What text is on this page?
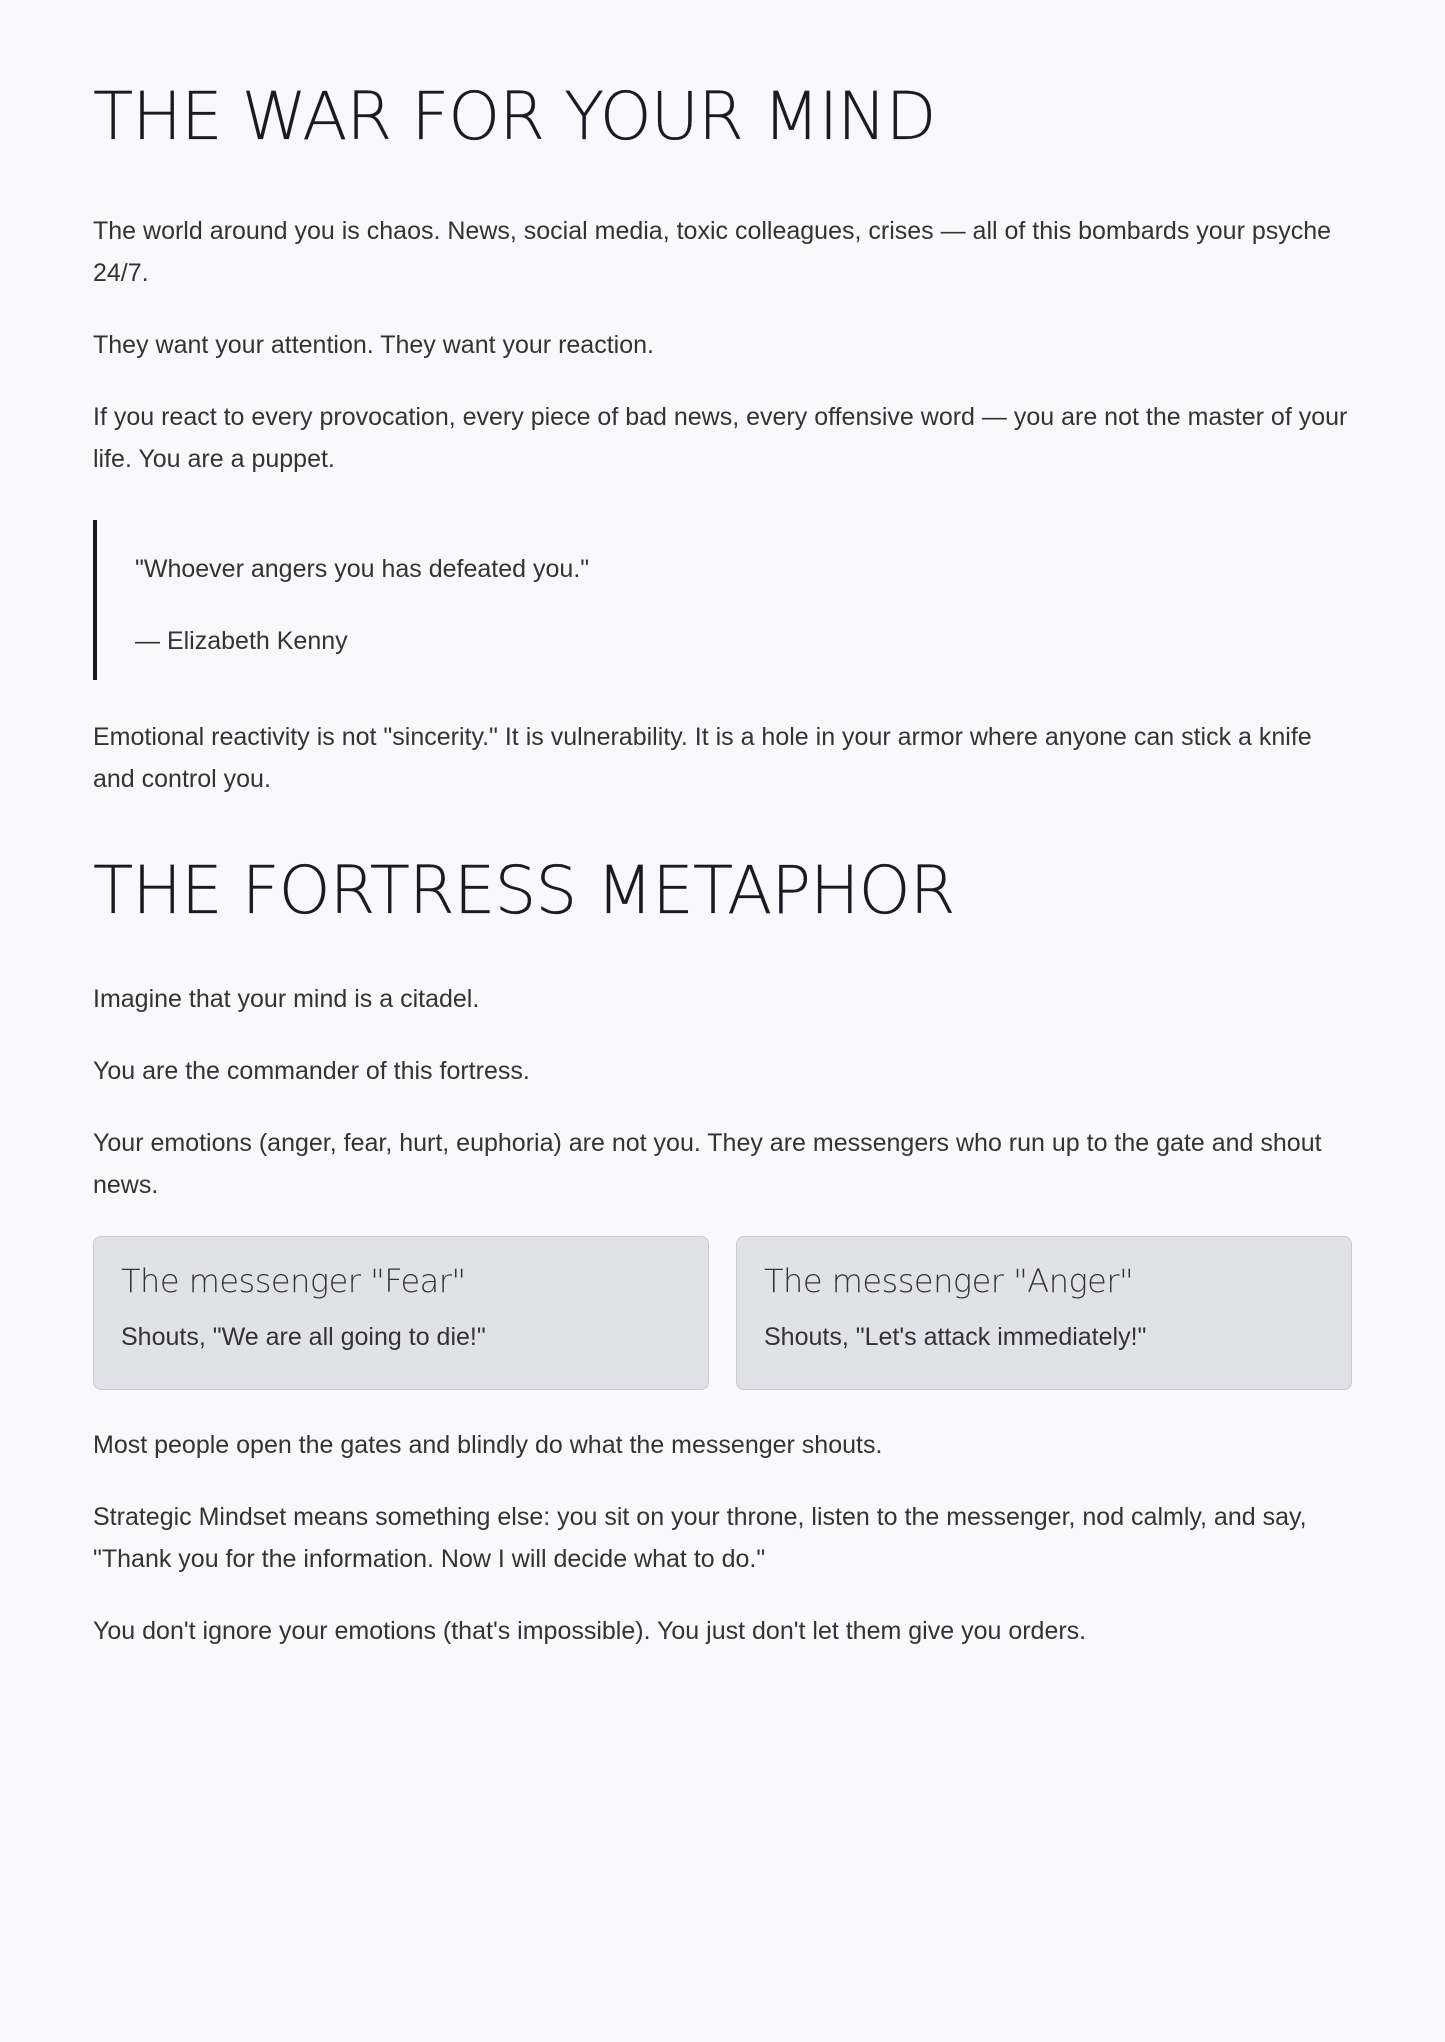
THE WAR FOR YOUR MIND

The world around you is chaos. News, social media, toxic colleagues, crises — all of this bombards your psyche 24/7.

They want your attention. They want your reaction.

If you react to every provocation, every piece of bad news, every offensive word — you are not the master of your life. You are a puppet.

"Whoever angers you has defeated you."

— Elizabeth Kenny

Emotional reactivity is not "sincerity." It is vulnerability. It is a hole in your armor where anyone can stick a knife and control you.

THE FORTRESS METAPHOR

Imagine that your mind is a citadel.

You are the commander of this fortress.

Your emotions (anger, fear, hurt, euphoria) are not you. They are messengers who run up to the gate and shout news.

The messenger "Fear"

Shouts, "We are all going to die!"

The messenger "Anger"

Shouts, "Let's attack immediately!"

Most people open the gates and blindly do what the messenger shouts.

Strategic Mindset means something else: you sit on your throne, listen to the messenger, nod calmly, and say, "Thank you for the information. Now I will decide what to do."

You don't ignore your emotions (that's impossible). You just don't let them give you orders.
